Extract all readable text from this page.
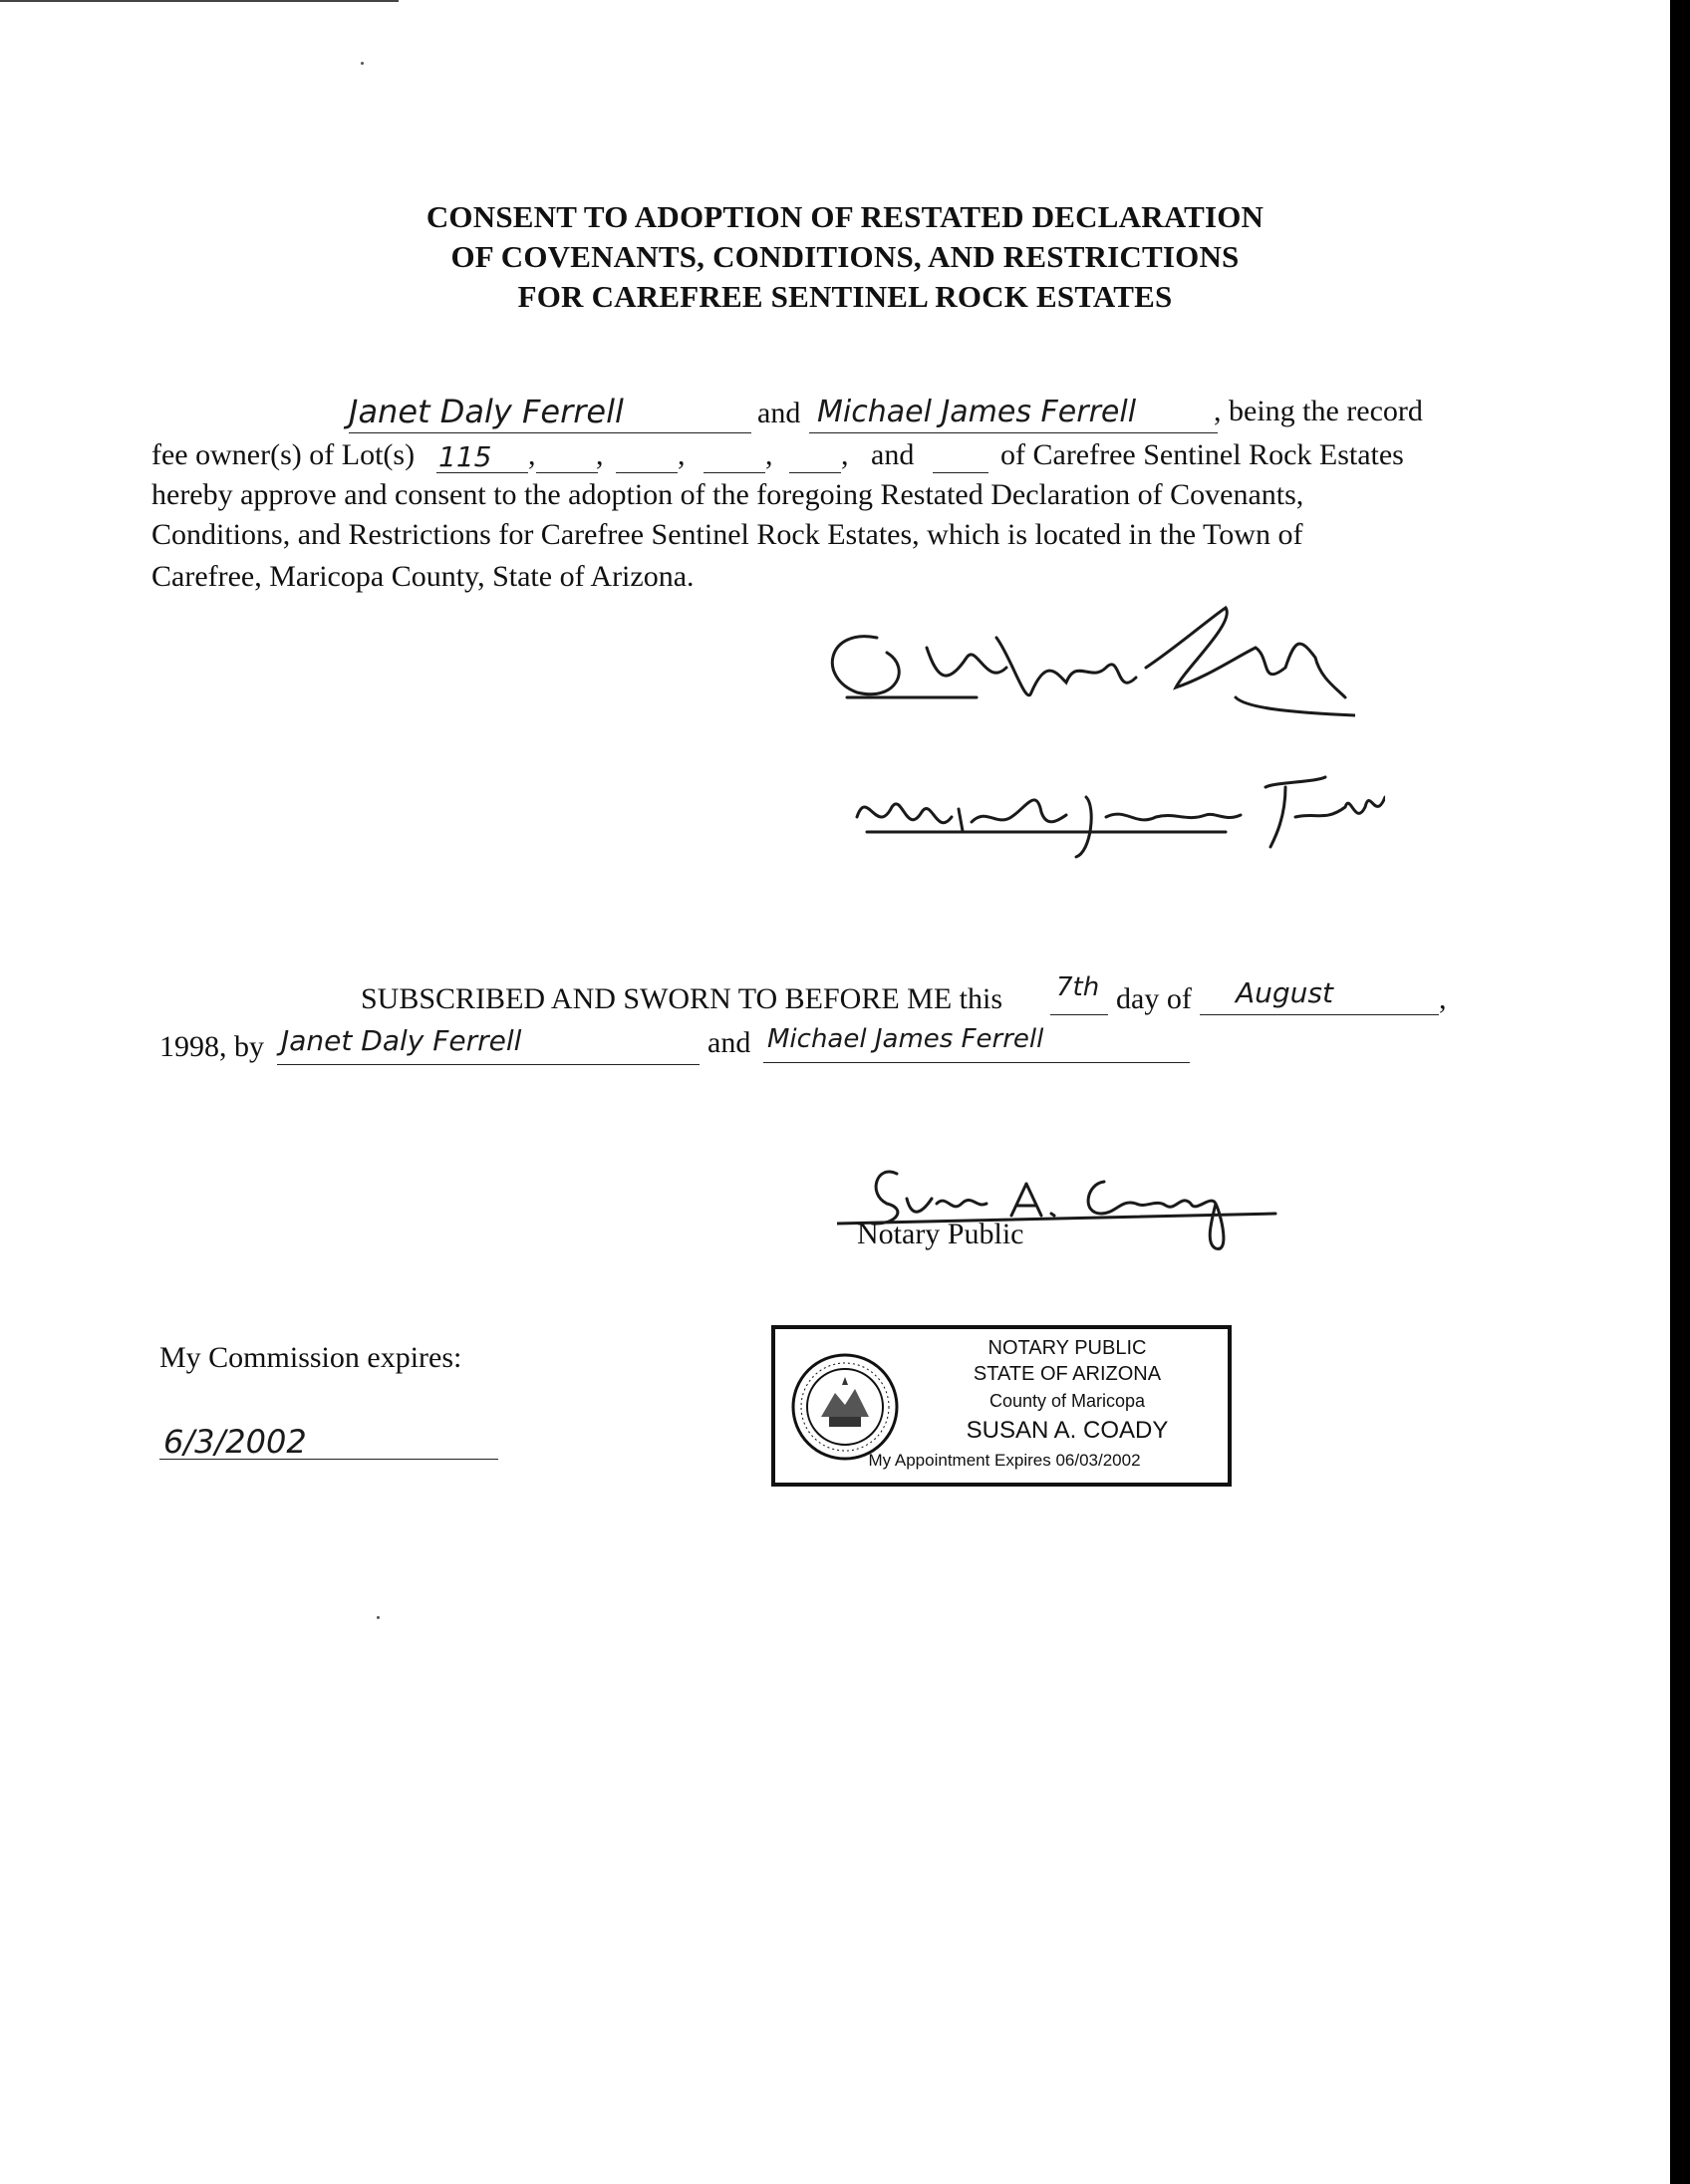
CONSENT TO ADOPTION OF RESTATED DECLARATION
OF COVENANTS, CONDITIONS, AND RESTRICTIONS
FOR CAREFREE SENTINEL ROCK ESTATES
Janet Daly Ferrell	and Michael James Ferrell	, being the record
fee owner(s) of Lot(s) 115 , , ,	, , and	of Carefree Sentinel Rock Estates
hereby approve and consent to the adoption of the foregoing Restated Declaration of Covenants,
Conditions, and Restrictions for Carefree Sentinel Rock Estates, which is located in the Town of
Carefree, Maricopa County, State of Arizona.
SUBSCRIBED AND SWORN TO BEFORE ME this 7th day of August	,
1998, by Janet Daly Ferrell	and Michael James Ferrell
Notary Public
My Commission expires:
6/3/2002
NOTARY PUBLIC
STATE OF ARIZONA
County of Maricopa
SUSAN A. COADY
My Appointment Expires 06/03/2002
